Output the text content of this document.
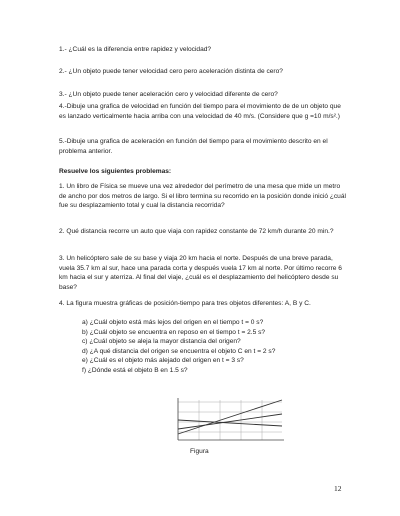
1.- ¿Cuál es la diferencia entre rapidez y velocidad?

2.- ¿Un objeto puede tener velocidad cero pero aceleración distinta de cero?

3.- ¿Un objeto puede tener aceleración cero y velocidad diferente de cero?

4.-Dibuje una grafica de velocidad en función del tiempo para el movimiento de de un objeto que es lanzado verticalmente hacia arriba con una velocidad de 40 m/s. (Considere que g =10 m/s².)

5.-Dibuje una grafica de aceleración en función del tiempo para el movimiento descrito en el problema anterior.

Resuelve los siguientes problemas:

1. Un libro de Física se mueve una vez alrededor del perímetro de una mesa que mide un metro de ancho por dos metros de largo. Si el libro termina su recorrido en la posición donde inició ¿cuál fue su desplazamiento total y cual la distancia recorrida?

2. Qué distancia recorre un auto que viaja con rapidez constante de 72 km/h durante 20 min.?

3. Un helicóptero sale de su base y viaja 20 km hacia el norte. Después de una breve parada, vuela 35.7 km al sur, hace una parada corta y después vuela 17 km al norte. Por último recorre 6 km hacia el sur y aterriza. Al final del viaje, ¿cuál es el desplazamiento del helicóptero desde su base?

4. La figura muestra gráficas de posición-tiempo para tres objetos diferentes: A, B y C.

a) ¿Cuál objeto está más lejos del origen en el tiempo t = 0 s?
b) ¿Cuál objeto se encuentra en reposo en el tiempo t = 2.5 s?
c) ¿Cuál objeto se aleja la mayor distancia del origen?
d) ¿A qué distancia del origen se encuentra el objeto C en t = 2 s?
e) ¿Cuál es el objeto más alejado del origen en t = 3 s?
f) ¿Dónde está el objeto B en 1.5 s?
Figura
12
